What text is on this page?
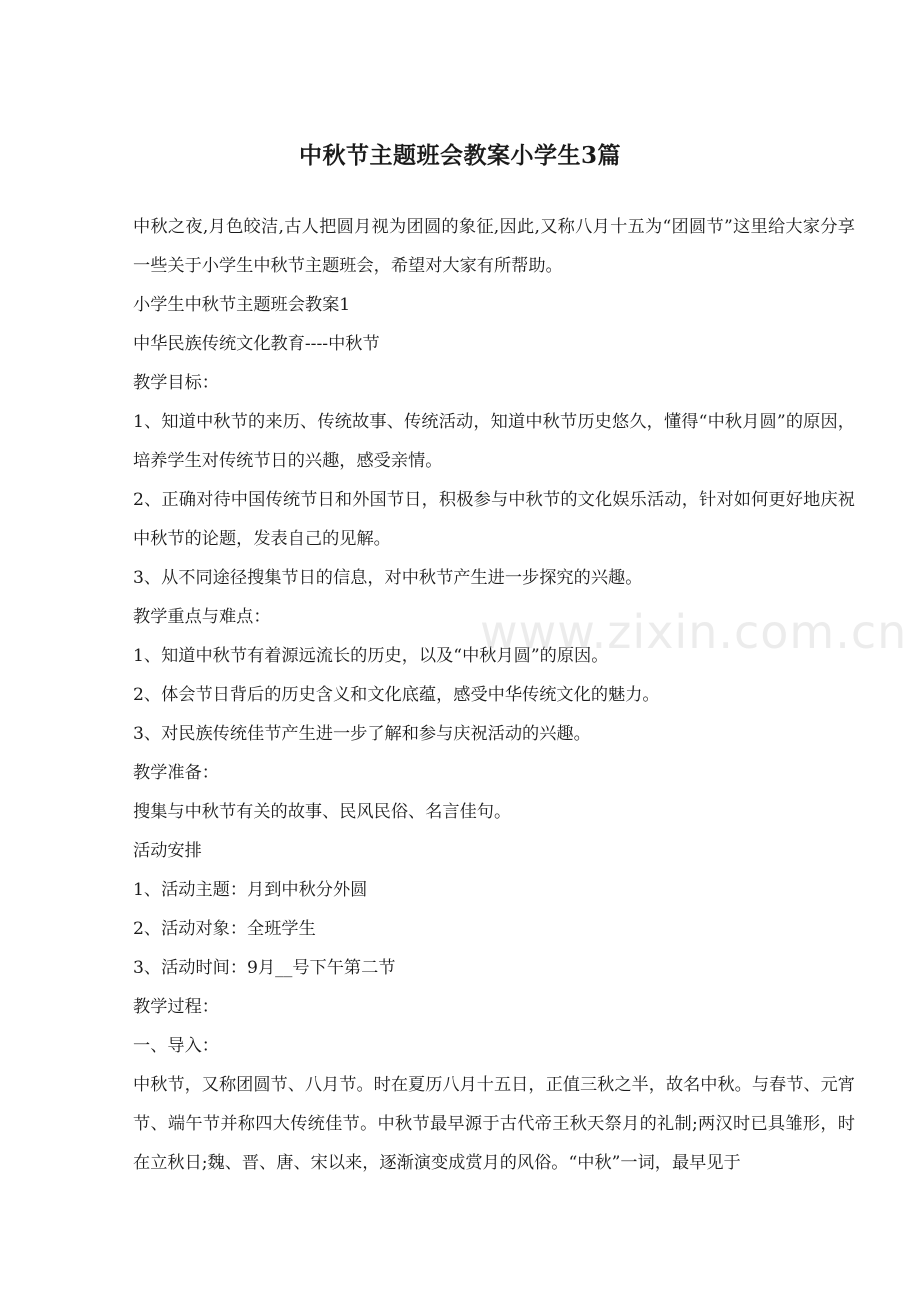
中秋节主题班会教案小学生3篇

中秋之夜,月色皎洁,古人把圆月视为团圆的象征,因此,又称八月十五为“团圆节”这里给大家分享一些关于小学生中秋节主题班会，希望对大家有所帮助。

小学生中秋节主题班会教案1

中华民族传统文化教育----中秋节

教学目标：

1、知道中秋节的来历、传统故事、传统活动，知道中秋节历史悠久，懂得“中秋月圆”的原因，培养学生对传统节日的兴趣，感受亲情。

2、正确对待中国传统节日和外国节日，积极参与中秋节的文化娱乐活动，针对如何更好地庆祝中秋节的论题，发表自己的见解。

3、从不同途径搜集节日的信息，对中秋节产生进一步探究的兴趣。

教学重点与难点：

1、知道中秋节有着源远流长的历史，以及“中秋月圆”的原因。

2、体会节日背后的历史含义和文化底蕴，感受中华传统文化的魅力。

3、对民族传统佳节产生进一步了解和参与庆祝活动的兴趣。

教学准备：

搜集与中秋节有关的故事、民风民俗、名言佳句。

活动安排

1、活动主题：月到中秋分外圆

2、活动对象：全班学生

3、活动时间：9月__号下午第二节

教学过程：

一、导入：

中秋节，又称团圆节、八月节。时在夏历八月十五日，正值三秋之半，故名中秋。与春节、元宵节、端午节并称四大传统佳节。中秋节最早源于古代帝王秋天祭月的礼制;两汉时已具雏形，时在立秋日;魏、晋、唐、宋以来，逐渐演变成赏月的风俗。“中秋”一词，最早见于

www.zixin.com.cn
